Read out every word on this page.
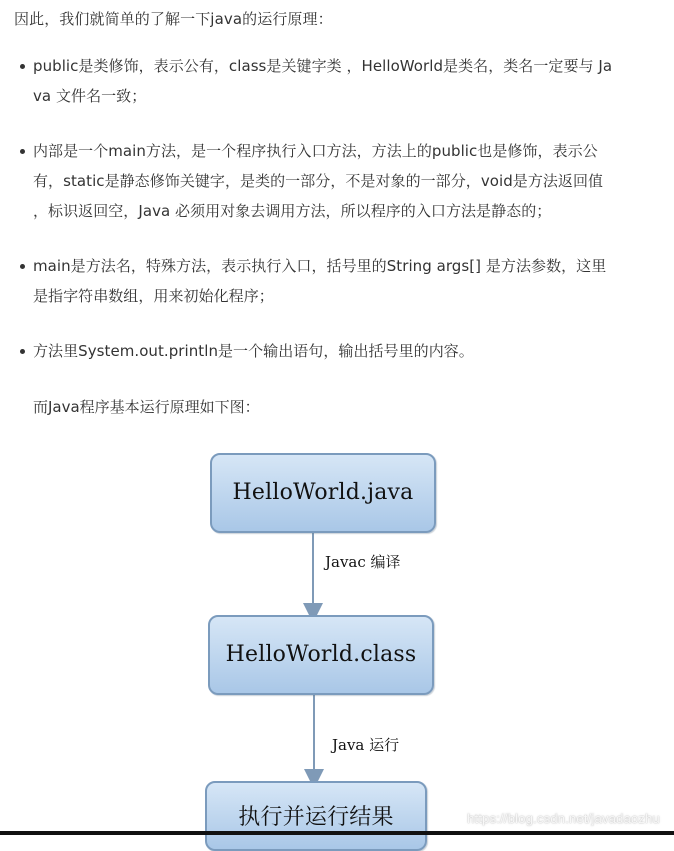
因此，我们就简单的了解一下java的运行原理：
public是类修饰，表示公有，class是关键字类 ，HelloWorld是类名，类名一定要与 Ja
va 文件名一致；
内部是一个main方法，是一个程序执行入口方法，方法上的public也是修饰，表示公
有，static是静态修饰关键字，是类的一部分，不是对象的一部分，void是方法返回值
，标识返回空，Java 必须用对象去调用方法，所以程序的入口方法是静态的；
main是方法名，特殊方法，表示执行入口，括号里的String args[] 是方法参数，这里
是指字符串数组，用来初始化程序；
方法里System.out.println是一个输出语句，输出括号里的内容。
而Java程序基本运行原理如下图：
HelloWorld.java
Javac 编译
HelloWorld.class
Java 运行
执行并运行结果	https://blog.csdn.net/javadaozhu
